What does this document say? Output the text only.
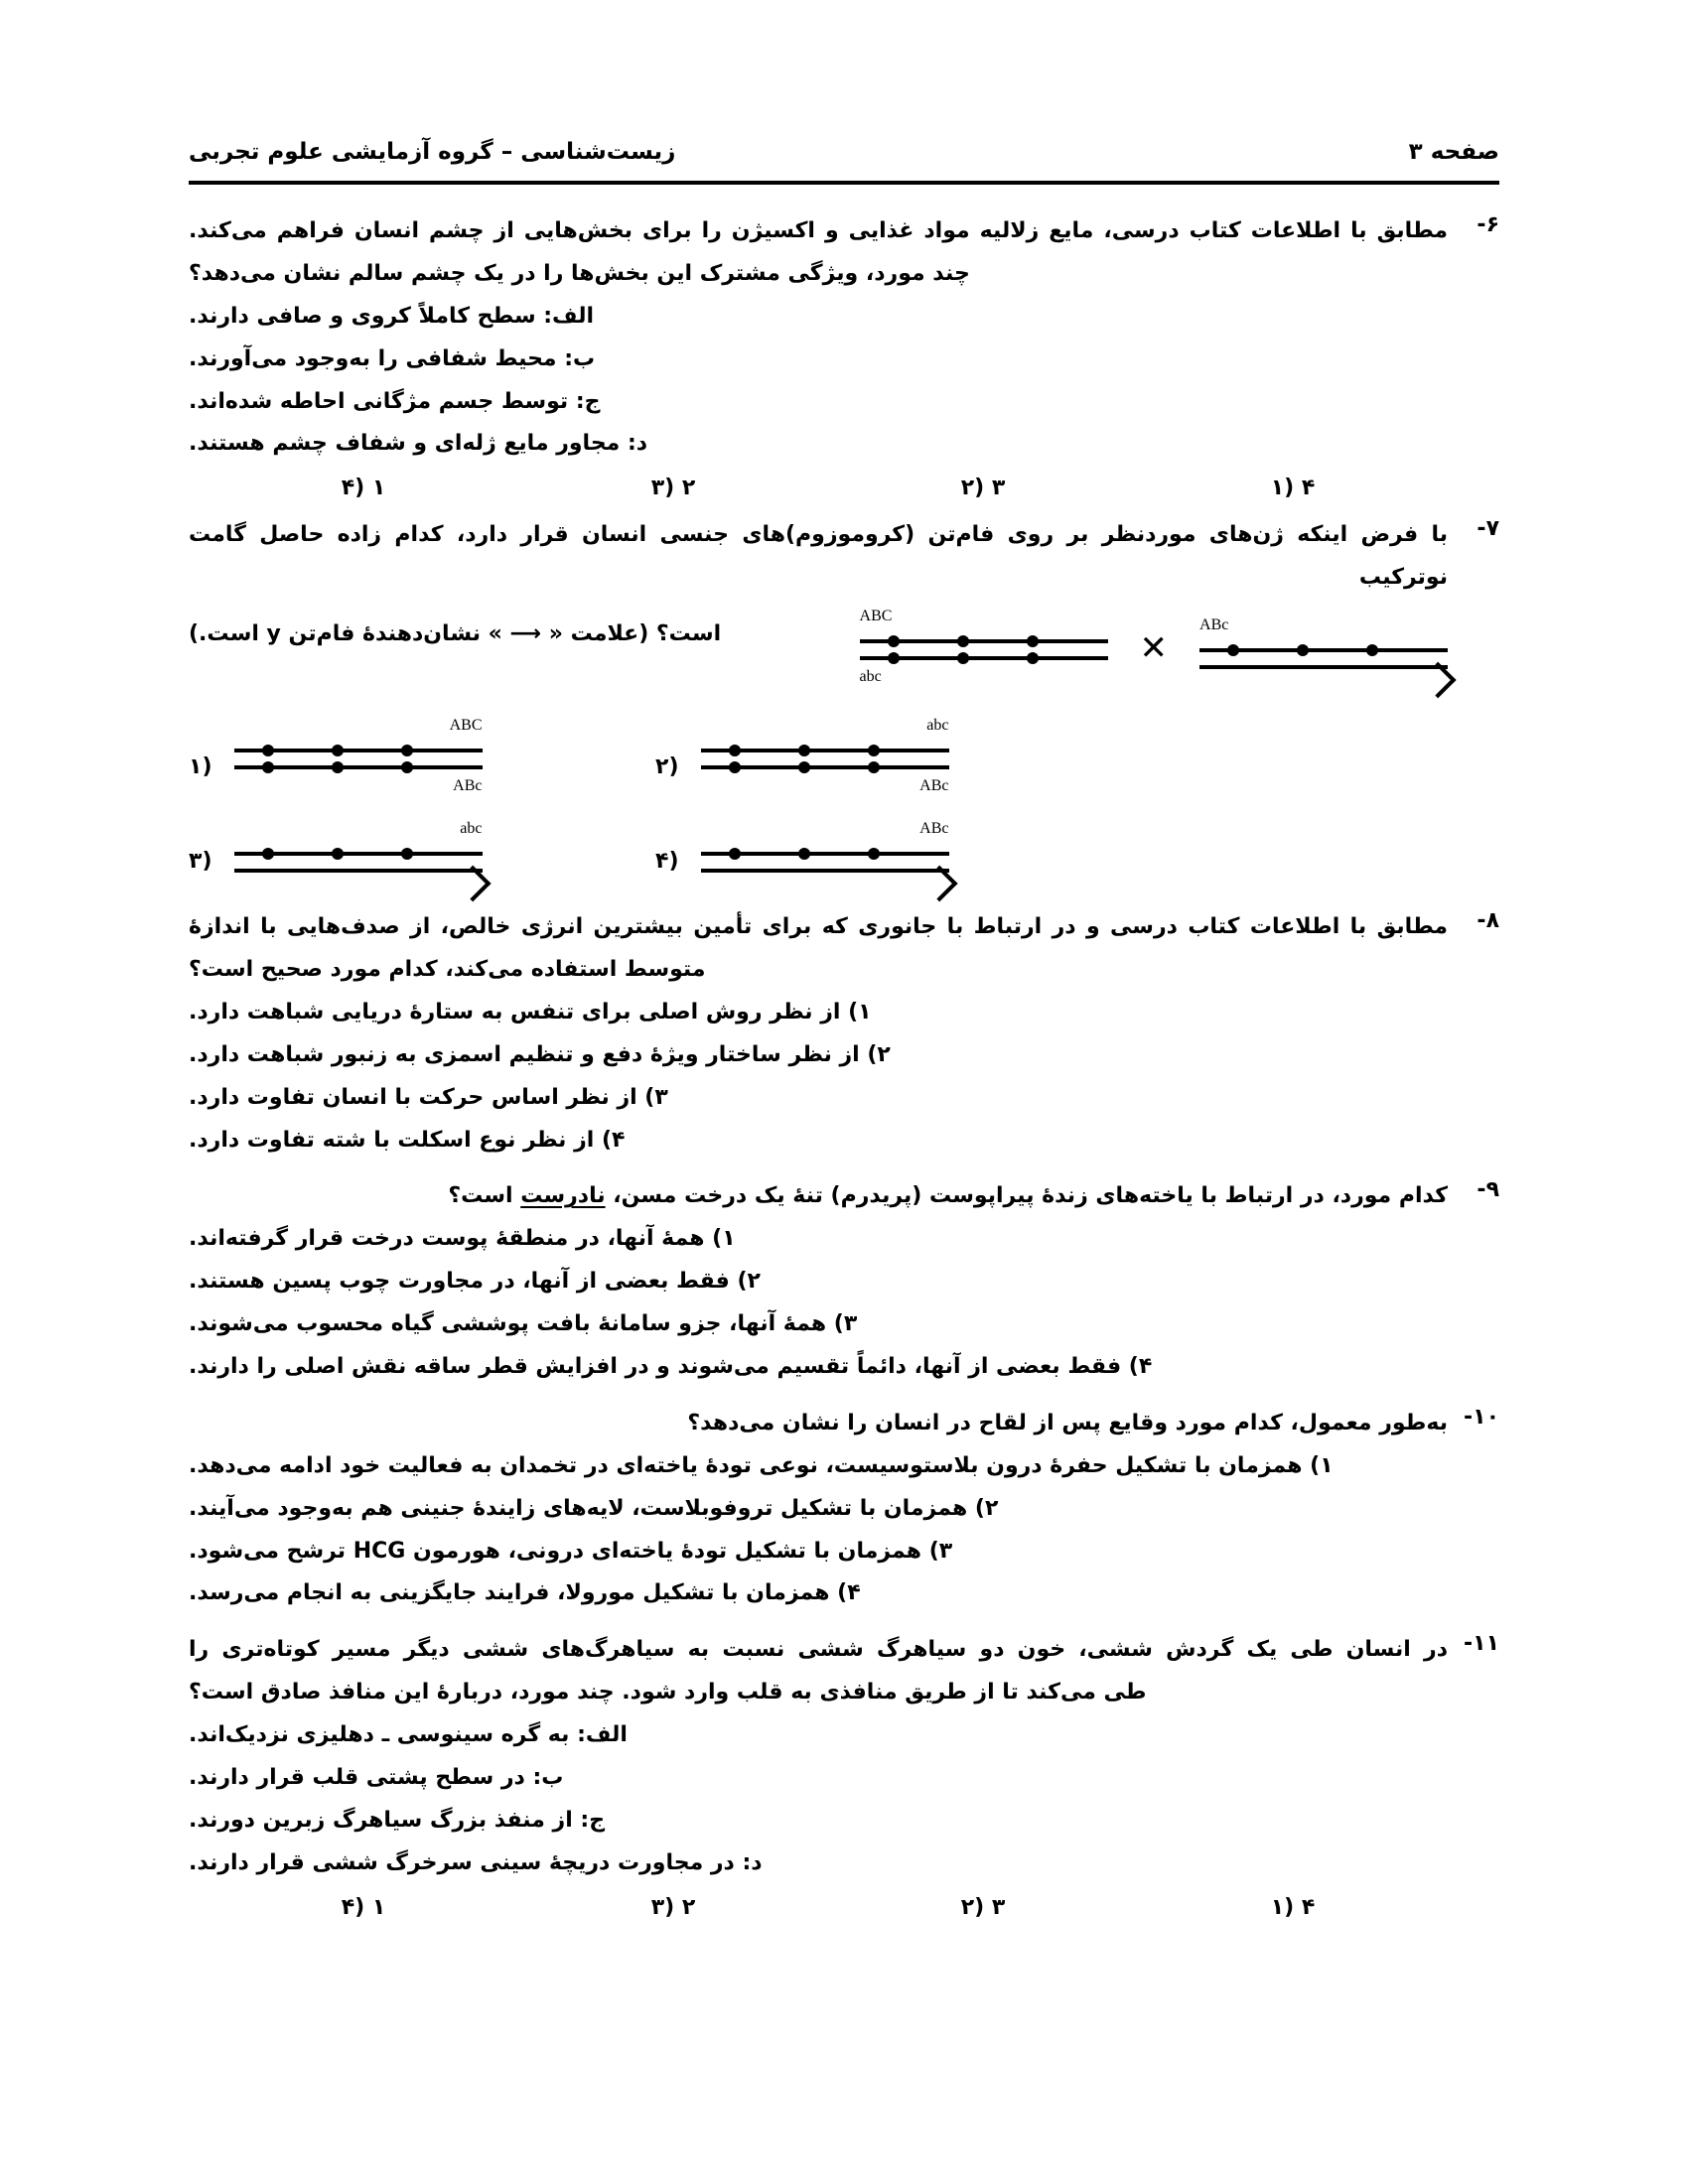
زیست‌شناسی – گروه آزمایشی علوم تجربی	صفحه ۳
۶-
مطابق با اطلاعات کتاب درسی، مایع زلالیه مواد غذایی و اکسیژن را برای بخش‌هایی از چشم انسان فراهم می‌کند.
چند مورد، ویژگی مشترک این بخش‌ها را در یک چشم سالم نشان می‌دهد؟
الف: سطح کاملاً کروی و صافی دارند.
ب: محیط شفافی را به‌وجود می‌آورند.
ج: توسط جسم مژگانی احاطه شده‌اند.
د: مجاور مایع ژله‌ای و شفاف چشم هستند.
۴ (۱
۳ (۲
۲ (۳
۱ (۴
۷-
با فرض اینکه ژن‌های موردنظر بر روی فام‌تن (کروموزوم)های جنسی انسان قرار دارد، کدام زاده حاصل گامت نوترکیب
است؟ (علامت « ⟶ » نشان‌دهندهٔ فام‌تن y است.)
ABC
abc
✕
ABc
(۱
ABC
ABc
(۲
abc
ABc
(۳
abc
(۴
ABc
۸-
مطابق با اطلاعات کتاب درسی و در ارتباط با جانوری که برای تأمین بیشترین انرژی خالص، از صدف‌هایی با اندازهٔ
متوسط استفاده می‌کند، کدام مورد صحیح است؟
۱) از نظر روش اصلی برای تنفس به ستارهٔ دریایی شباهت دارد.
۲) از نظر ساختار ویژهٔ دفع و تنظیم اسمزی به زنبور شباهت دارد.
۳) از نظر اساس حرکت با انسان تفاوت دارد.
۴) از نظر نوع اسکلت با شته تفاوت دارد.
۹-
کدام مورد، در ارتباط با یاخته‌های زندهٔ پیراپوست (پریدرم) تنهٔ یک درخت مسن، نادرست است؟
۱) همهٔ آنها، در منطقهٔ پوست درخت قرار گرفته‌اند.
۲) فقط بعضی از آنها، در مجاورت چوب پسین هستند.
۳) همهٔ آنها، جزو سامانهٔ بافت پوششی گیاه محسوب می‌شوند.
۴) فقط بعضی از آنها، دائماً تقسیم می‌شوند و در افزایش قطر ساقه نقش اصلی را دارند.
۱۰-
به‌طور معمول، کدام مورد وقایع پس از لقاح در انسان را نشان می‌دهد؟
۱) همزمان با تشکیل حفرهٔ درون بلاستوسیست، نوعی تودهٔ یاخته‌ای در تخمدان به فعالیت خود ادامه می‌دهد.
۲) همزمان با تشکیل تروفوبلاست، لایه‌های زایندهٔ جنینی هم به‌وجود می‌آیند.
۳) همزمان با تشکیل تودهٔ یاخته‌ای درونی، هورمون HCG ترشح می‌شود.
۴) همزمان با تشکیل مورولا، فرایند جایگزینی به انجام می‌رسد.
۱۱-
در انسان طی یک گردش ششی، خون دو سیاهرگ ششی نسبت به سیاهرگ‌های ششی دیگر مسیر کوتاه‌تری را
طی می‌کند تا از طریق منافذی به قلب وارد شود. چند مورد، دربارهٔ این منافذ صادق است؟
الف: به گره سینوسی ـ دهلیزی نزدیک‌اند.
ب: در سطح پشتی قلب قرار دارند.
ج: از منفذ بزرگ سیاهرگ زبرین دورند.
د: در مجاورت دریچهٔ سینی سرخرگ ششی قرار دارند.
۴ (۱
۳ (۲
۲ (۳
۱ (۴
